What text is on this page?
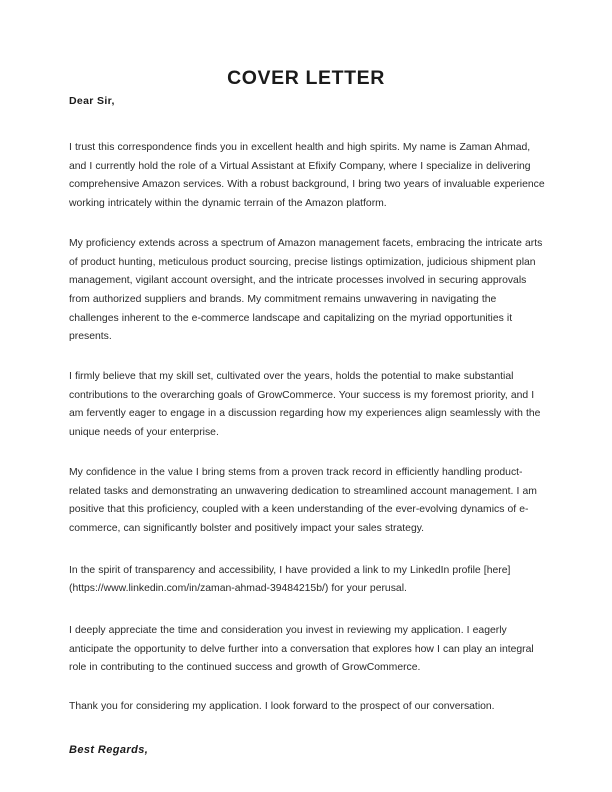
COVER LETTER
Dear Sir,

I trust this correspondence finds you in excellent health and high spirits. My name is Zaman Ahmad, and I currently hold the role of a Virtual Assistant at Efixify Company, where I specialize in delivering comprehensive Amazon services. With a robust background, I bring two years of invaluable experience working intricately within the dynamic terrain of the Amazon platform.

My proficiency extends across a spectrum of Amazon management facets, embracing the intricate arts of product hunting, meticulous product sourcing, precise listings optimization, judicious shipment plan management, vigilant account oversight, and the intricate processes involved in securing approvals from authorized suppliers and brands. My commitment remains unwavering in navigating the challenges inherent to the e-commerce landscape and capitalizing on the myriad opportunities it presents.

I firmly believe that my skill set, cultivated over the years, holds the potential to make substantial contributions to the overarching goals of GrowCommerce. Your success is my foremost priority, and I am fervently eager to engage in a discussion regarding how my experiences align seamlessly with the unique needs of your enterprise.

My confidence in the value I bring stems from a proven track record in efficiently handling product-related tasks and demonstrating an unwavering dedication to streamlined account management. I am positive that this proficiency, coupled with a keen understanding of the ever-evolving dynamics of e-commerce, can significantly bolster and positively impact your sales strategy.

In the spirit of transparency and accessibility, I have provided a link to my LinkedIn profile [here](https://www.linkedin.com/in/zaman-ahmad-39484215b/) for your perusal.

I deeply appreciate the time and consideration you invest in reviewing my application. I eagerly anticipate the opportunity to delve further into a conversation that explores how I can play an integral role in contributing to the continued success and growth of GrowCommerce.

Thank you for considering my application. I look forward to the prospect of our conversation.

Best Regards,
